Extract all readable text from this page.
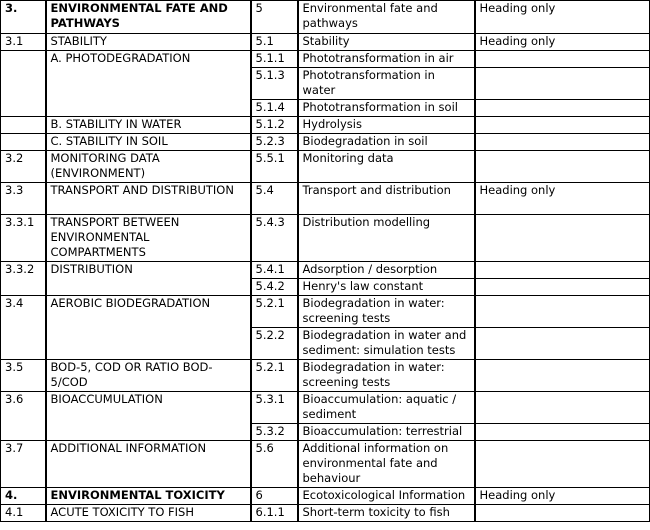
3.	ENVIRONMENTAL FATE AND PATHWAYS	5	Environmental fate and pathways	Heading only
3.1	STABILITY	5.1	Stability	Heading only
	A. PHOTODEGRADATION	5.1.1	Phototransformation in air	
		5.1.3	Phototransformation in water	
		5.1.4	Phototransformation in soil	
	B. STABILITY IN WATER	5.1.2	Hydrolysis	
	C. STABILITY IN SOIL	5.2.3	Biodegradation in soil	
3.2	MONITORING DATA (ENVIRONMENT)	5.5.1	Monitoring data	
3.3	TRANSPORT AND DISTRIBUTION	5.4	Transport and distribution	Heading only
3.3.1	TRANSPORT BETWEEN ENVIRONMENTAL COMPARTMENTS	5.4.3	Distribution modelling	
3.3.2	DISTRIBUTION	5.4.1	Adsorption / desorption	
		5.4.2	Henry's law constant	
3.4	AEROBIC BIODEGRADATION	5.2.1	Biodegradation in water: screening tests	
		5.2.2	Biodegradation in water and sediment: simulation tests	
3.5	BOD-5, COD OR RATIO BOD-5/COD	5.2.1	Biodegradation in water: screening tests	
3.6	BIOACCUMULATION	5.3.1	Bioaccumulation: aquatic / sediment	
		5.3.2	Bioaccumulation: terrestrial	
3.7	ADDITIONAL INFORMATION	5.6	Additional information on environmental fate and behaviour	
4.	ENVIRONMENTAL TOXICITY	6	Ecotoxicological Information	Heading only
4.1	ACUTE TOXICITY TO FISH	6.1.1	Short-term toxicity to fish	
